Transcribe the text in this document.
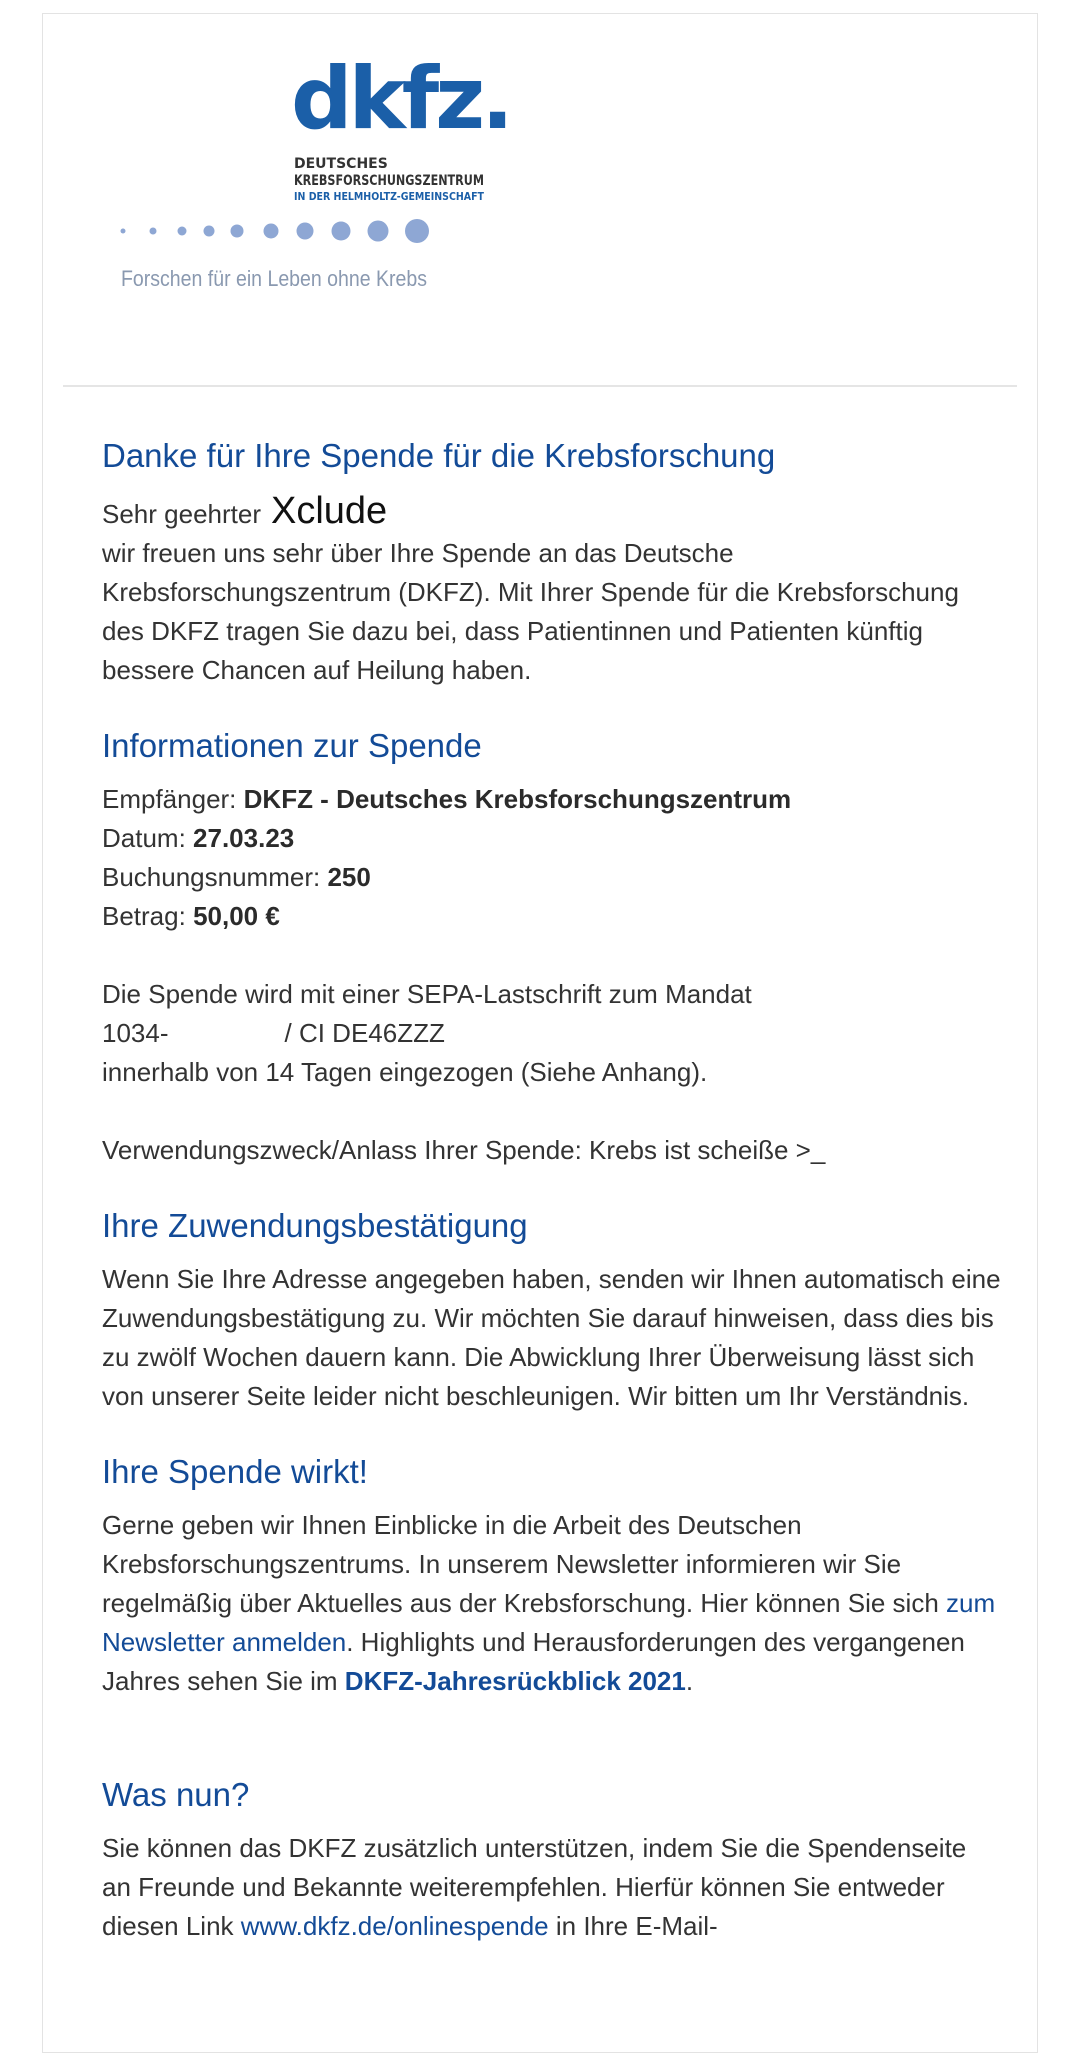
dkfz.
DEUTSCHES
KREBSFORSCHUNGSZENTRUM
IN DER HELMHOLTZ-GEMEINSCHAFT
Forschen für ein Leben ohne Krebs
Danke für Ihre Spende für die Krebsforschung

Sehr geehrter Xclude

wir freuen uns sehr über Ihre Spende an das Deutsche Krebsforschungszentrum (DKFZ). Mit Ihrer Spende für die Krebsforschung des DKFZ tragen Sie dazu bei, dass Patientinnen und Patienten künftig bessere Chancen auf Heilung haben.

Informationen zur Spende

Empfänger: DKFZ - Deutsches Krebsforschungszentrum

Datum: 27.03.23

Buchungsnummer: 250

Betrag: 50,00 €

Die Spende wird mit einer SEPA-Lastschrift zum Mandat

1034-	/ CI DE46ZZZ

innerhalb von 14 Tagen eingezogen (Siehe Anhang).

Verwendungszweck/Anlass Ihrer Spende: Krebs ist scheiße >_

Ihre Zuwendungsbestätigung

Wenn Sie Ihre Adresse angegeben haben, senden wir Ihnen automatisch eine Zuwendungsbestätigung zu. Wir möchten Sie darauf hinweisen, dass dies bis zu zwölf Wochen dauern kann. Die Abwicklung Ihrer Überweisung lässt sich von unserer Seite leider nicht beschleunigen. Wir bitten um Ihr Verständnis.

Ihre Spende wirkt!

Gerne geben wir Ihnen Einblicke in die Arbeit des Deutschen Krebsforschungszentrums. In unserem Newsletter informieren wir Sie regelmäßig über Aktuelles aus der Krebsforschung. Hier können Sie sich zum Newsletter anmelden. Highlights und Herausforderungen des vergangenen Jahres sehen Sie im DKFZ-Jahresrückblick 2021.

Was nun?

Sie können das DKFZ zusätzlich unterstützen, indem Sie die Spendenseite an Freunde und Bekannte weiterempfehlen. Hierfür können Sie entweder diesen Link www.dkfz.de/onlinespende in Ihre E-Mail-
